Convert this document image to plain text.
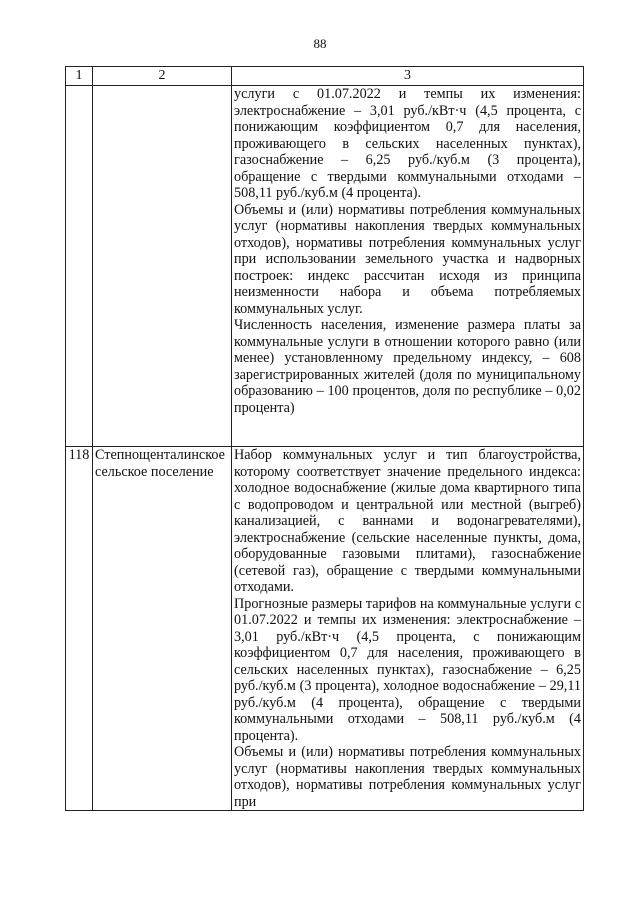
88
1	2	3

		услуги с 01.07.2022 и темпы их изменения: электроснабжение – 3,01 руб./кВт·ч (4,5 процента, с понижающим коэффициентом 0,7 для населения, проживающего в сельских населенных пунктах), газоснабжение – 6,25 руб./куб.м (3 процента), обращение с твердыми коммунальными отходами – 508,11 руб./куб.м (4 процента).

Объемы и (или) нормативы потребления коммунальных услуг (нормативы накопления твердых коммунальных отходов), нормативы потребления коммунальных услуг при использовании земельного участка и надворных построек: индекс рассчитан исходя из принципа неизменности набора и объема потребляемых коммунальных услуг.

Численность населения, изменение размера платы за коммунальные услуги в отношении которого равно (или менее) установленному предельному индексу, – 608 зарегистрированных жителей (доля по муниципальному образованию – 100 процентов, доля по республике – 0,02 процента)

118	Степнощенталинское сельское поселение	Набор коммунальных услуг и тип благоустройства, которому соответствует значение предельного индекса: холодное водоснабжение (жилые дома квартирного типа с водопроводом и центральной или местной (выгреб) канализацией, с ваннами и водонагревателями), электроснабжение (сельские населенные пункты, дома, оборудованные газовыми плитами), газоснабжение (сетевой газ), обращение с твердыми коммунальными отходами.

Прогнозные размеры тарифов на коммунальные услуги с 01.07.2022 и темпы их изменения: электроснабжение – 3,01 руб./кВт·ч (4,5 процента, с понижающим коэффициентом 0,7 для населения, проживающего в сельских населенных пунктах), газоснабжение – 6,25 руб./куб.м (3 процента), холодное водоснабжение – 29,11 руб./куб.м (4 процента), обращение с твердыми коммунальными отходами – 508,11 руб./куб.м (4 процента).

Объемы и (или) нормативы потребления коммунальных услуг (нормативы накопления твердых коммунальных отходов), нормативы потребления коммунальных услуг при
